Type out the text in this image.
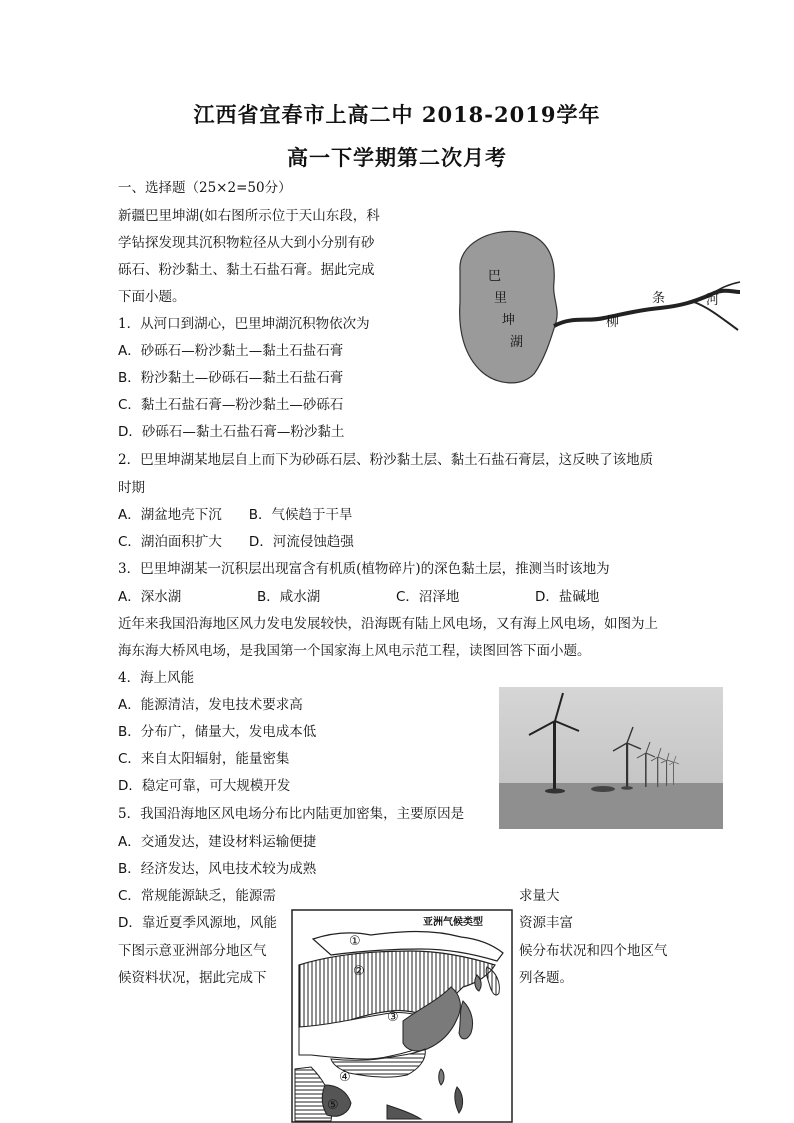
江西省宜春市上高二中 2018-2019学年
高一下学期第二次月考
一、选择题（25×2=50分）
新疆巴里坤湖(如右图所示位于天山东段，科
学钻探发现其沉积物粒径从大到小分别有砂
砾石、粉沙黏土、黏土石盐石膏。据此完成
下面小题。
巴
里
坤
湖
柳
条	河
1．从河口到湖心，巴里坤湖沉积物依次为
A．砂砾石—粉沙黏土—黏土石盐石膏
B．粉沙黏土—砂砾石—黏土石盐石膏
C．黏土石盐石膏—粉沙黏土—砂砾石
D．砂砾石—黏土石盐石膏—粉沙黏土
2．巴里坤湖某地层自上而下为砂砾石层、粉沙黏土层、黏土石盐石膏层，这反映了该地质
时期
A．湖盆地壳下沉　　B．气候趋于干旱
C．湖泊面积扩大　　D．河流侵蚀趋强
3．巴里坤湖某一沉积层出现富含有机质(植物碎片)的深色黏土层，推测当时该地为
A．深水湖	B．咸水湖	C．沼泽地	D．盐碱地
近年来我国沿海地区风力发电发展较快，沿海既有陆上风电场，又有海上风电场，如图为上
海东海大桥风电场，是我国第一个国家海上风电示范工程，读图回答下面小题。
4．海上风能
A．能源清洁，发电技术要求高
B．分布广，储量大，发电成本低
C．来自太阳辐射，能量密集
D．稳定可靠，可大规模开发
5．我国沿海地区风电场分布比内陆更加密集，主要原因是
A．交通发达，建设材料运输便捷
B．经济发达，风电技术较为成熟
C．常规能源缺乏，能源需	求量大
D．靠近夏季风源地，风能	资源丰富
下图示意亚洲部分地区气
候资料状况，据此完成下
候分布状况和四个地区气
列各题。
亚洲气候类型
①
②
③
④
⑤
